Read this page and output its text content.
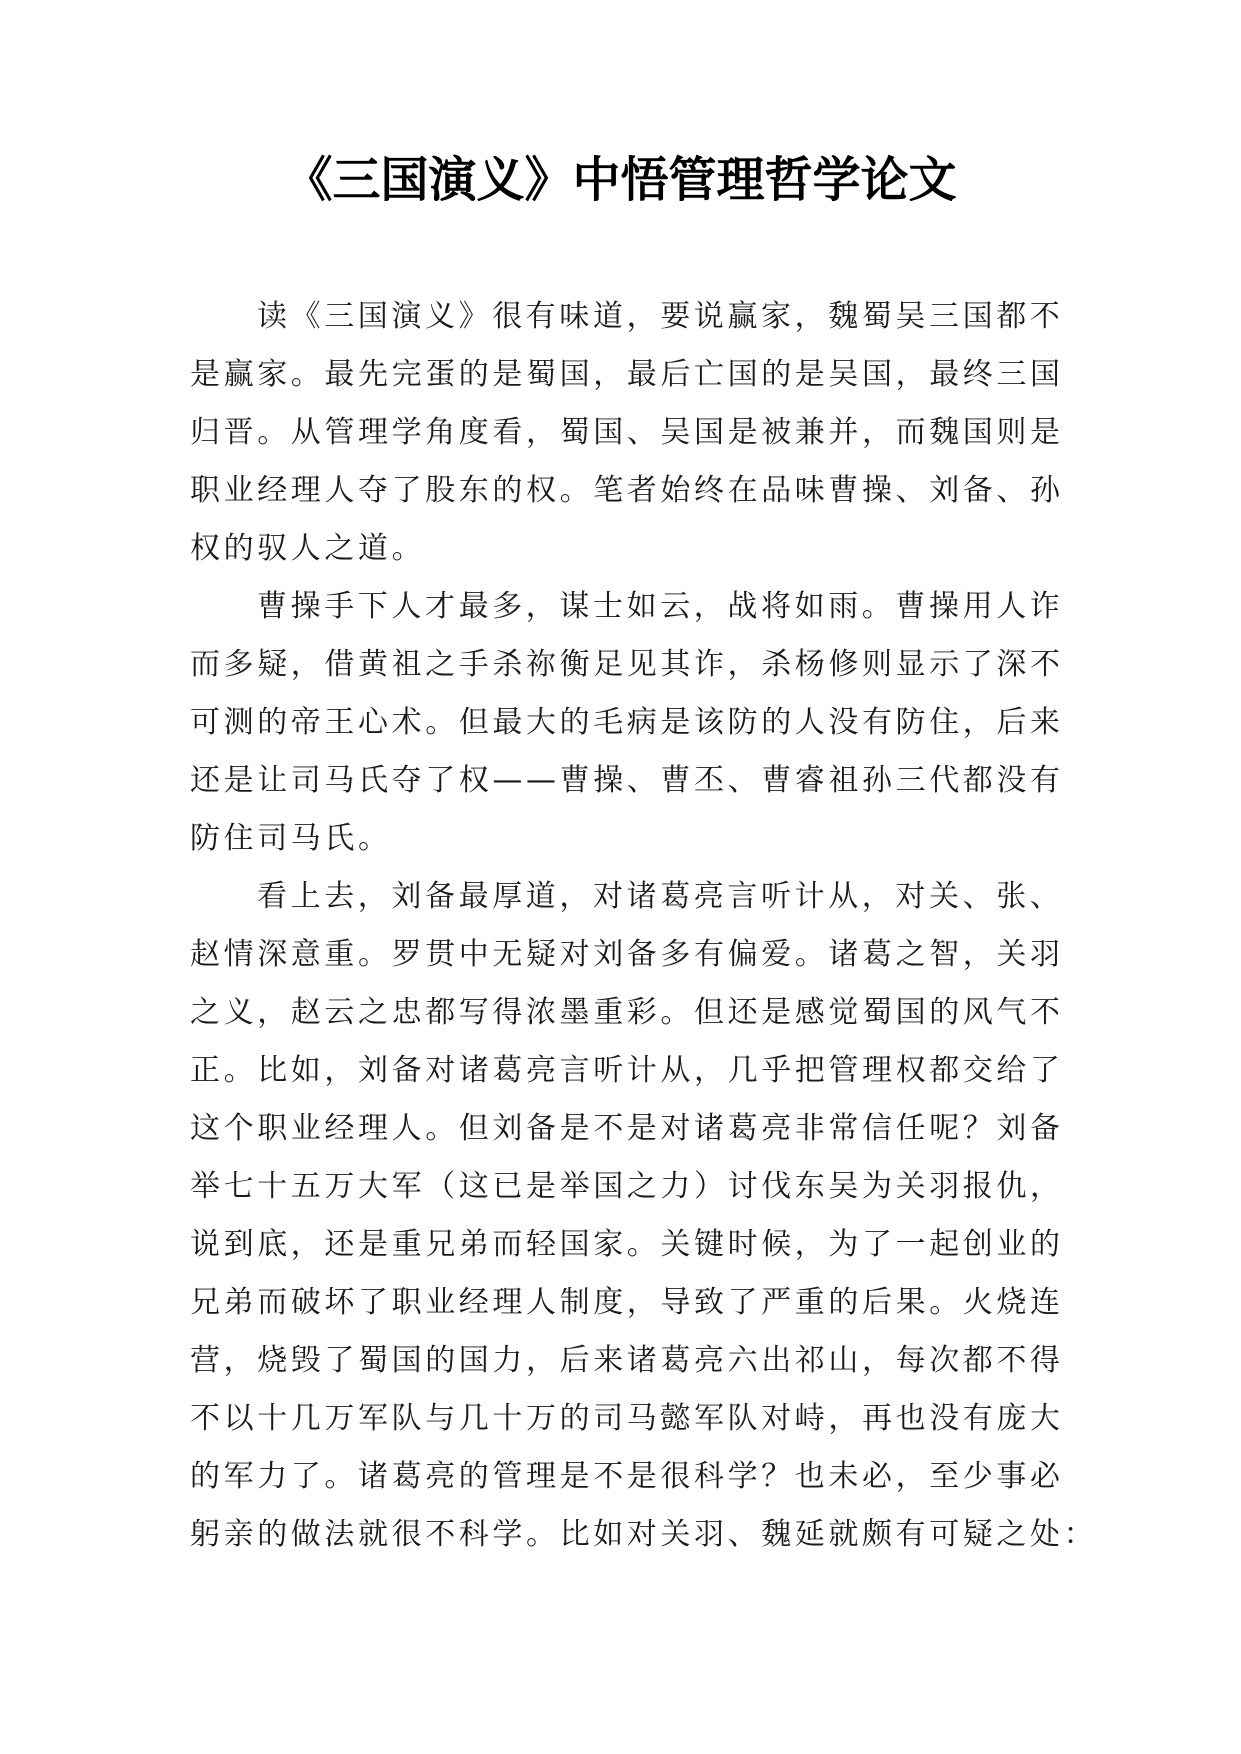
《三国演义》中悟管理哲学论文
读《三国演义》很有味道，要说赢家，魏蜀吴三国都不
是赢家。最先完蛋的是蜀国，最后亡国的是吴国，最终三国
归晋。从管理学角度看，蜀国、吴国是被兼并，而魏国则是
职业经理人夺了股东的权。笔者始终在品味曹操、刘备、孙
权的驭人之道。
曹操手下人才最多，谋士如云，战将如雨。曹操用人诈
而多疑，借黄祖之手杀祢衡足见其诈，杀杨修则显示了深不
可测的帝王心术。但最大的毛病是该防的人没有防住，后来
还是让司马氏夺了权——曹操、曹丕、曹睿祖孙三代都没有
防住司马氏。
看上去，刘备最厚道，对诸葛亮言听计从，对关、张、
赵情深意重。罗贯中无疑对刘备多有偏爱。诸葛之智，关羽
之义，赵云之忠都写得浓墨重彩。但还是感觉蜀国的风气不
正。比如，刘备对诸葛亮言听计从，几乎把管理权都交给了
这个职业经理人。但刘备是不是对诸葛亮非常信任呢？刘备
举七十五万大军（这已是举国之力）讨伐东吴为关羽报仇，
说到底，还是重兄弟而轻国家。关键时候，为了一起创业的
兄弟而破坏了职业经理人制度，导致了严重的后果。火烧连
营，烧毁了蜀国的国力，后来诸葛亮六出祁山，每次都不得
不以十几万军队与几十万的司马懿军队对峙，再也没有庞大
的军力了。诸葛亮的管理是不是很科学？也未必，至少事必
躬亲的做法就很不科学。比如对关羽、魏延就颇有可疑之处：
